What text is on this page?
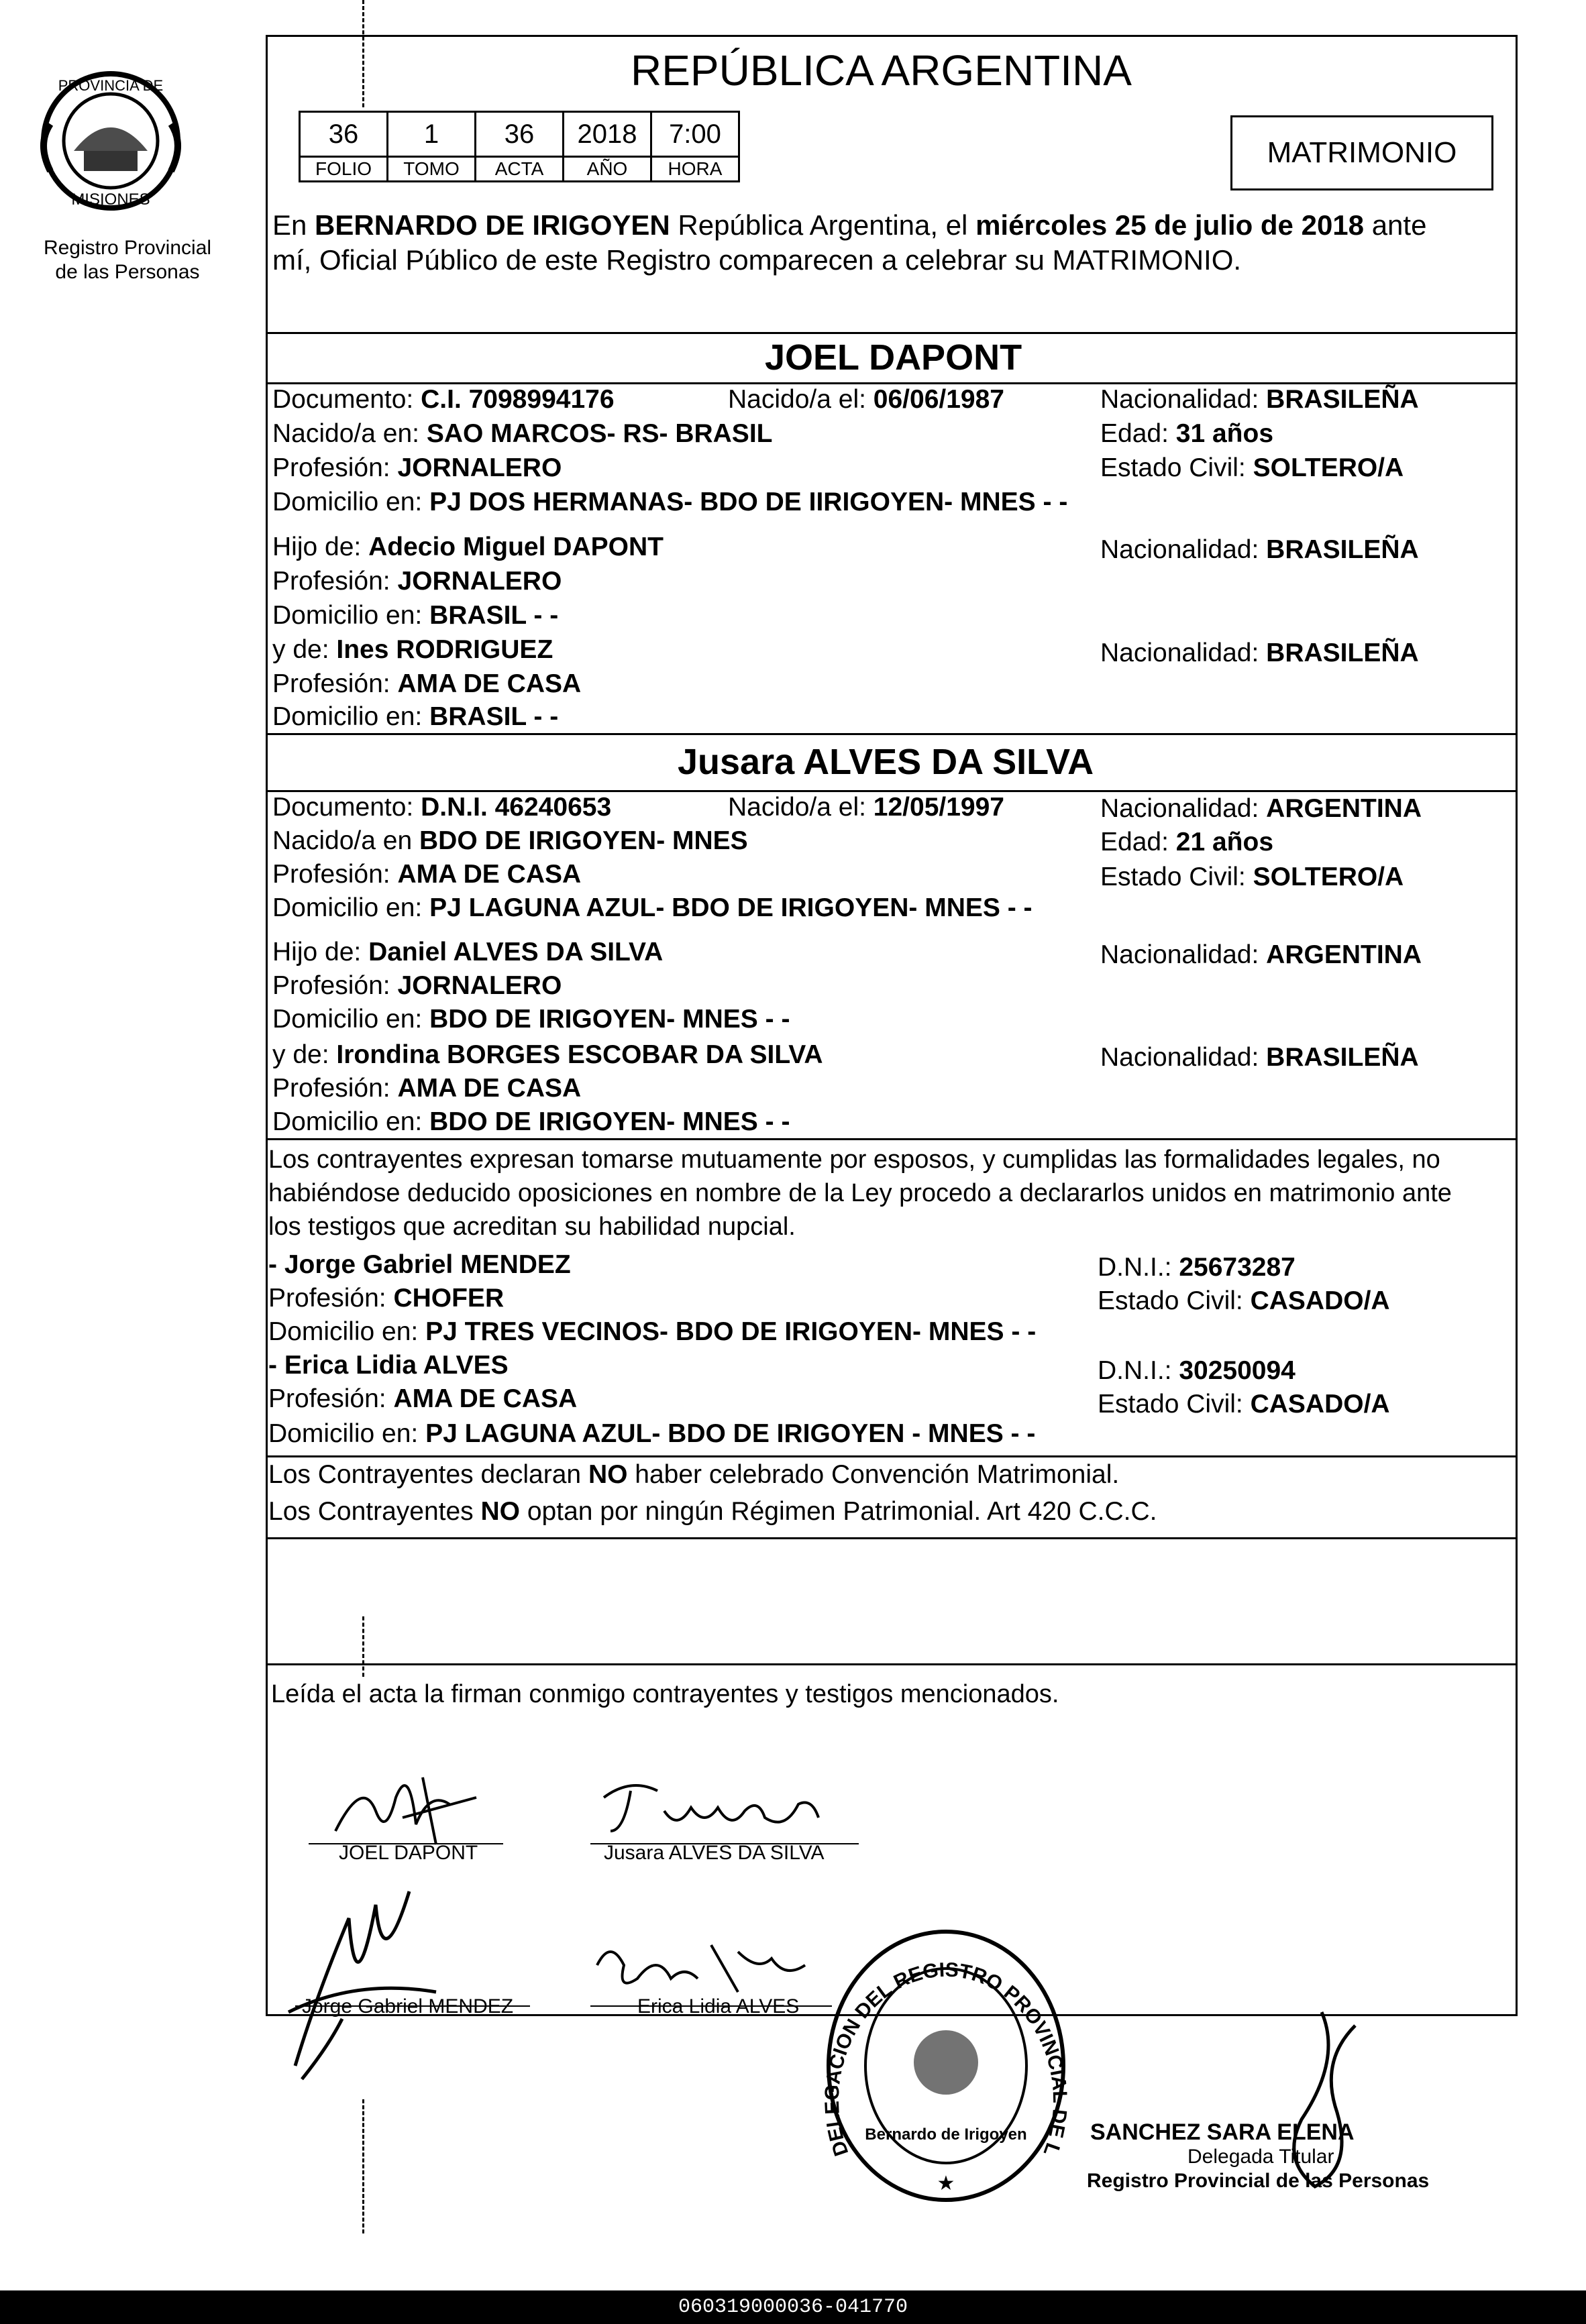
PROVINCIA DE
MISIONES
Registro Provincial
de las Personas
REPÚBLICA ARGENTINA
36	1	36	2018	7:00
FOLIO	TOMO	ACTA	AÑO	HORA	MATRIMONIO
En BERNARDO DE IRIGOYEN República Argentina, el miércoles 25 de julio de 2018 ante
mí, Oficial Público de este Registro comparecen a celebrar su MATRIMONIO.
JOEL DAPONT
Documento: C.I. 7098994176	Nacido/a el: 06/06/1987	Nacionalidad: BRASILEÑA
Nacido/a en: SAO MARCOS- RS- BRASIL	Edad: 31 años
Profesión: JORNALERO	Estado Civil: SOLTERO/A
Domicilio en: PJ DOS HERMANAS- BDO DE IIRIGOYEN- MNES - -
Hijo de: Adecio Miguel DAPONT	Nacionalidad: BRASILEÑA
Profesión: JORNALERO
Domicilio en: BRASIL - -
y de: Ines RODRIGUEZ	Nacionalidad: BRASILEÑA
Profesión: AMA DE CASA
Domicilio en: BRASIL - -
Jusara ALVES DA SILVA
Documento: D.N.I. 46240653	Nacido/a el: 12/05/1997	Nacionalidad: ARGENTINA
Nacido/a en BDO DE IRIGOYEN- MNES	Edad: 21 años
Profesión: AMA DE CASA	Estado Civil: SOLTERO/A
Domicilio en: PJ LAGUNA AZUL- BDO DE IRIGOYEN- MNES - -
Hijo de: Daniel ALVES DA SILVA	Nacionalidad: ARGENTINA
Profesión: JORNALERO
Domicilio en: BDO DE IRIGOYEN- MNES - -
y de: Irondina BORGES ESCOBAR DA SILVA	Nacionalidad: BRASILEÑA
Profesión: AMA DE CASA
Domicilio en: BDO DE IRIGOYEN- MNES - -
Los contrayentes expresan tomarse mutuamente por esposos, y cumplidas las formalidades legales, no
habiéndose deducido oposiciones en nombre de la Ley procedo a declararlos unidos en matrimonio ante
los testigos que acreditan su habilidad nupcial.
- Jorge Gabriel MENDEZ	D.N.I.: 25673287
Profesión: CHOFER	Estado Civil: CASADO/A
Domicilio en: PJ TRES VECINOS- BDO DE IRIGOYEN- MNES - -
- Erica Lidia ALVES	D.N.I.: 30250094
Profesión: AMA DE CASA	Estado Civil: CASADO/A
Domicilio en: PJ LAGUNA AZUL- BDO DE IRIGOYEN - MNES - -
Los Contrayentes declaran NO haber celebrado Convención Matrimonial.
Los Contrayentes NO optan por ningún Régimen Patrimonial. Art 420 C.C.C.
Leída el acta la firman conmigo contrayentes y testigos mencionados.
JOEL DAPONT	Jusara ALVES DA SILVA
Jorge Gabriel MENDEZ	Erica Lidia ALVES
DELEGACION DEL REGISTRO PROVINCIAL DE L
Bernardo de Irigoyen
★
SANCHEZ SARA ELENA
Delegada Titular
Registro Provincial de las Personas
060319000036-041770
